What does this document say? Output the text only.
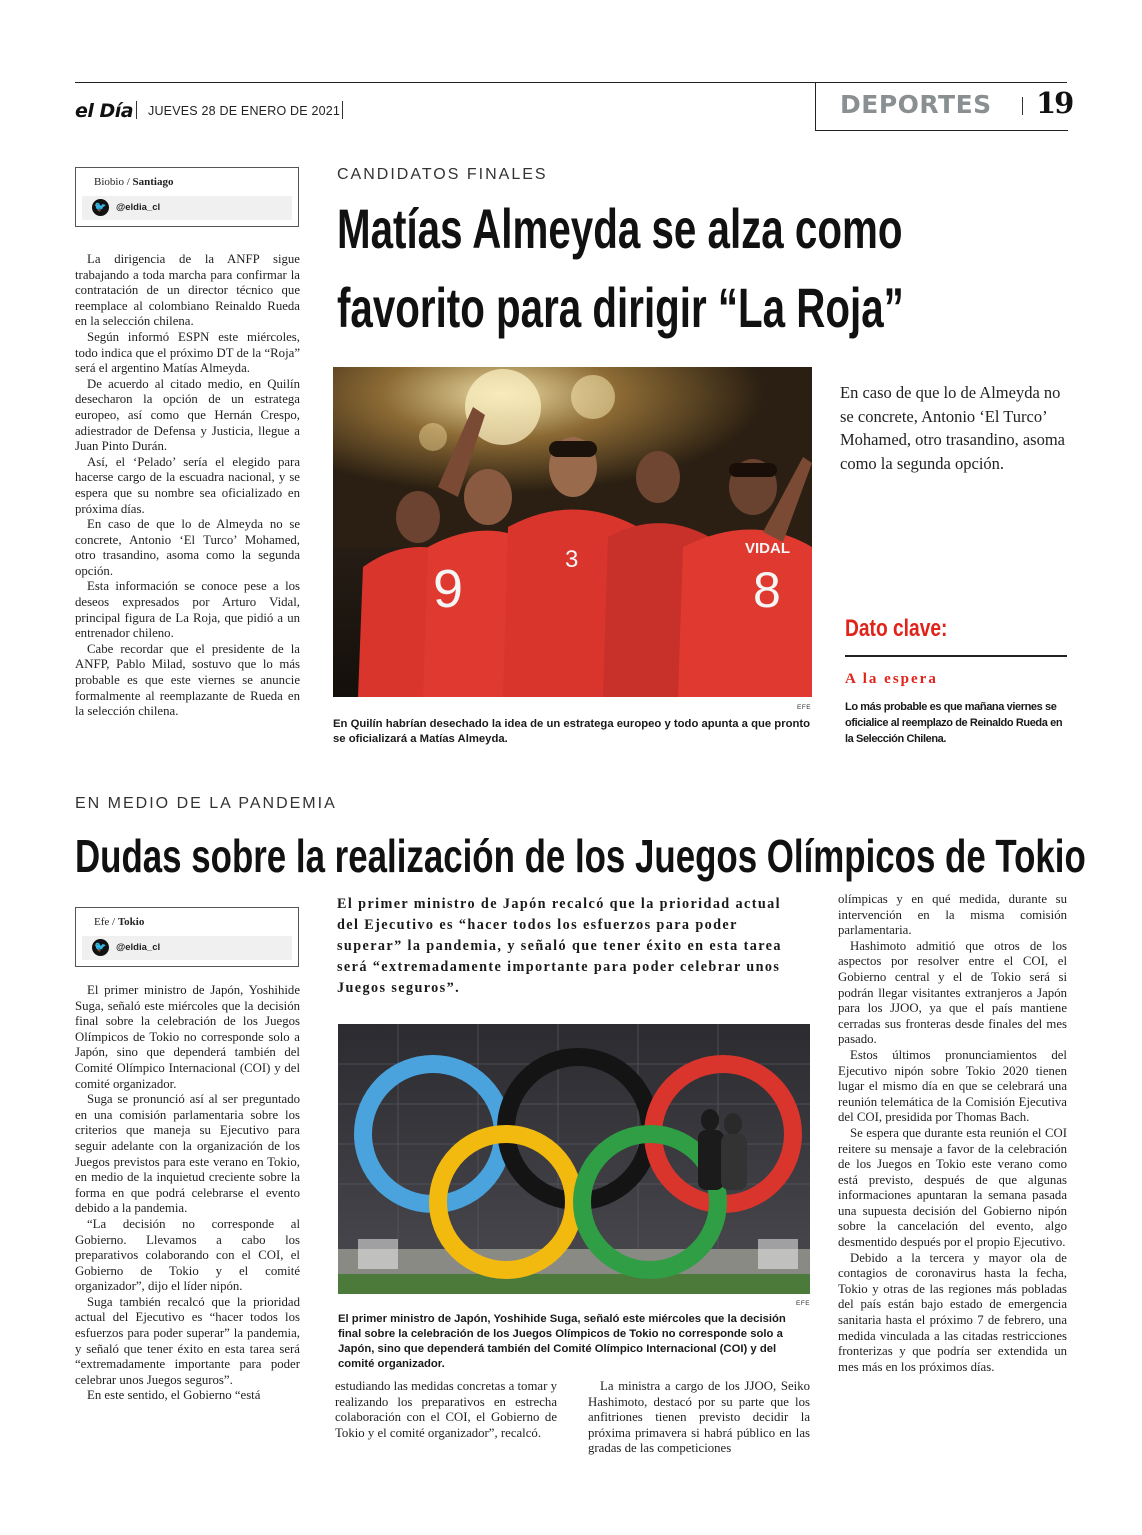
el Día JUEVES 28 DE ENERO DE 2021	DEPORTES 19
Biobio / Santiago
🐦 @eldia_cl
CANDIDATOS FINALES
Matías Almeyda se alza como
favorito para dirigir “La Roja”

La dirigencia de la ANFP sigue trabajando a toda marcha para confirmar la contratación de un director técnico que reemplace al colombiano Reinaldo Rueda en la selección chilena.

Según informó ESPN este miércoles, todo indica que el próximo DT de la “Roja” será el argentino Matías Almeyda.

De acuerdo al citado medio, en Quilín desecharon la opción de un estratega europeo, así como que Hernán Crespo, adiestrador de Defensa y Justicia, llegue a Juan Pinto Durán.

Así, el ‘Pelado’ sería el elegido para hacerse cargo de la escuadra nacional, y se espera que su nombre sea oficializado en próxima días.

En caso de que lo de Almeyda no se concrete, Antonio ‘El Turco’ Mohamed, otro trasandino, asoma como la segunda opción.

Esta información se conoce pese a los deseos expresados por Arturo Vidal, principal figura de La Roja, que pidió a un entrenador chileno.

Cabe recordar que el presidente de la ANFP, Pablo Milad, sostuvo que lo más probable es que este viernes se anuncie formalmente al reemplazante de Rueda en la selección chilena.

9	3	VIDAL
8
EFE
En Quilín habrían desechado la idea de un estratega europeo y todo apunta a que pronto se oficializará a Matías Almeyda.
En caso de que lo de Almeyda no se concrete, Antonio ‘El Turco’ Mohamed, otro trasandino, asoma como la segunda opción.
Dato clave:
A la espera
Lo más probable es que mañana viernes se oficialice al reemplazo de Reinaldo Rueda en la Selección Chilena.
EN MEDIO DE LA PANDEMIA
Dudas sobre la realización de los Juegos Olímpicos de Tokio
Efe / Tokio
🐦 @eldia_cl

El primer ministro de Japón, Yoshihide Suga, señaló este miércoles que la decisión final sobre la celebración de los Juegos Olímpicos de Tokio no corresponde solo a Japón, sino que dependerá también del Comité Olímpico Internacional (COI) y del comité organizador.

Suga se pronunció así al ser preguntado en una comisión parlamentaria sobre los criterios que maneja su Ejecutivo para seguir adelante con la organización de los Juegos previstos para este verano en Tokio, en medio de la inquietud creciente sobre la forma en que podrá celebrarse el evento debido a la pandemia.

“La decisión no corresponde al Gobierno. Llevamos a cabo los preparativos colaborando con el COI, el Gobierno de Tokio y el comité organizador”, dijo el líder nipón.

Suga también recalcó que la prioridad actual del Ejecutivo es “hacer todos los esfuerzos para poder superar” la pandemia, y señaló que tener éxito en esta tarea será “extremadamente importante para poder celebrar unos Juegos seguros”.

En este sentido, el Gobierno “está

El primer ministro de Japón recalcó que la prioridad actual del Ejecutivo es “hacer todos los esfuerzos para poder superar” la pandemia, y señaló que tener éxito en esta tarea será “extremadamente importante para poder celebrar unos Juegos seguros”.
EFE
El primer ministro de Japón, Yoshihide Suga, señaló este miércoles que la decisión final sobre la celebración de los Juegos Olímpicos de Tokio no corresponde solo a Japón, sino que dependerá también del Comité Olímpico Internacional (COI) y del comité organizador.

estudiando las medidas concretas a tomar y realizando los preparativos en estrecha colaboración con el COI, el Gobierno de Tokio y el comité organizador”, recalcó.

La ministra a cargo de los JJOO, Seiko Hashimoto, destacó por su parte que los anfitriones tienen previsto decidir la próxima primavera si habrá público en las gradas de las competiciones

olímpicas y en qué medida, durante su intervención en la misma comisión parlamentaria.

Hashimoto admitió que otros de los aspectos por resolver entre el COI, el Gobierno central y el de Tokio será si podrán llegar visitantes extranjeros a Japón para los JJOO, ya que el país mantiene cerradas sus fronteras desde finales del mes pasado.

Estos últimos pronunciamientos del Ejecutivo nipón sobre Tokio 2020 tienen lugar el mismo día en que se celebrará una reunión telemática de la Comisión Ejecutiva del COI, presidida por Thomas Bach.

Se espera que durante esta reunión el COI reitere su mensaje a favor de la celebración de los Juegos en Tokio este verano como está previsto, después de que algunas informaciones apuntaran la semana pasada una supuesta decisión del Gobierno nipón sobre la cancelación del evento, algo desmentido después por el propio Ejecutivo.

Debido a la tercera y mayor ola de contagios de coronavirus hasta la fecha, Tokio y otras de las regiones más pobladas del país están bajo estado de emergencia sanitaria hasta el próximo 7 de febrero, una medida vinculada a las citadas restricciones fronterizas y que podría ser extendida un mes más en los próximos días.
